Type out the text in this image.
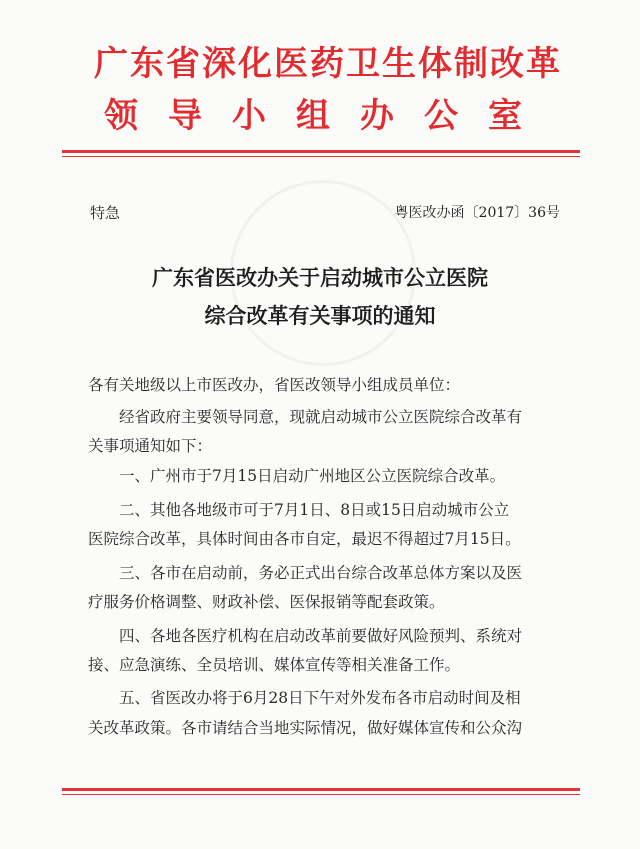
广东省深化医药卫生体制改革
领导小组办公室
特急	粤医改办函〔2017〕36号
广东省医改办关于启动城市公立医院
综合改革有关事项的通知
各有关地级以上市医改办，省医改领导小组成员单位：
　　经省政府主要领导同意，现就启动城市公立医院综合改革有
关事项通知如下：
　　一、广州市于7月15日启动广州地区公立医院综合改革。
　　二、其他各地级市可于7月1日、8日或15日启动城市公立
医院综合改革，具体时间由各市自定，最迟不得超过7月15日。
　　三、各市在启动前，务必正式出台综合改革总体方案以及医
疗服务价格调整、财政补偿、医保报销等配套政策。
　　四、各地各医疗机构在启动改革前要做好风险预判、系统对
接、应急演练、全员培训、媒体宣传等相关准备工作。
　　五、省医改办将于6月28日下午对外发布各市启动时间及相
关改革政策。各市请结合当地实际情况，做好媒体宣传和公众沟
